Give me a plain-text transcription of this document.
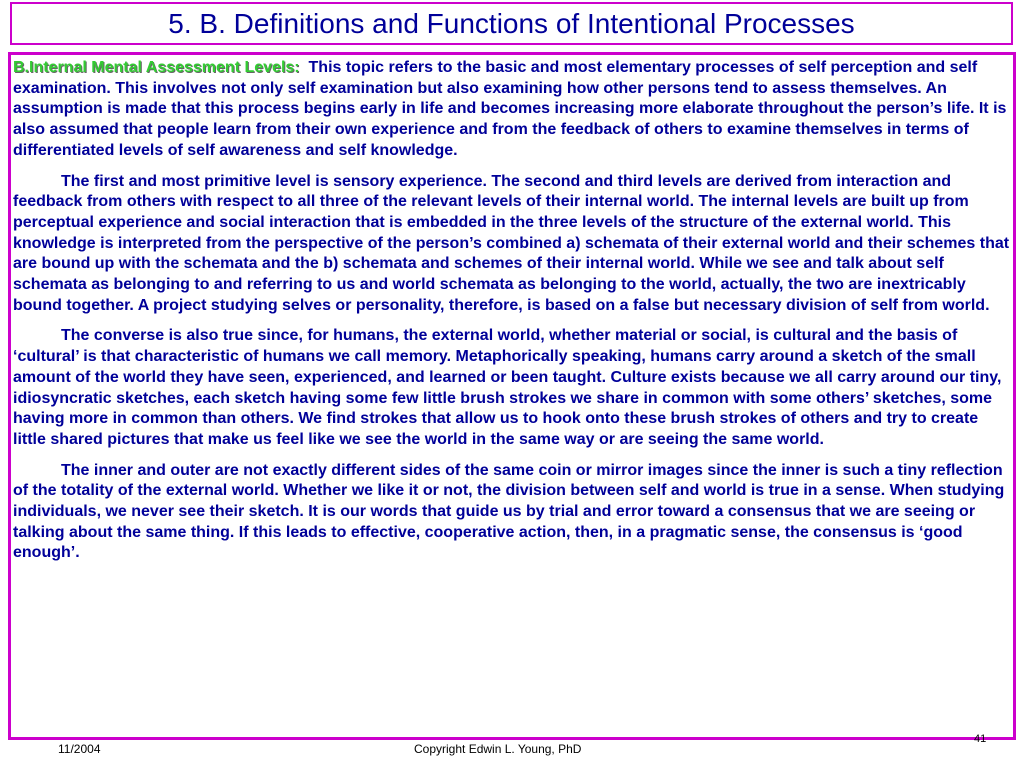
5. B. Definitions and Functions of Intentional Processes

B.Internal Mental Assessment Levels: This topic refers to the basic and most elementary processes of self perception and self examination. This involves not only self examination but also examining how other persons tend to assess themselves. An assumption is made that this process begins early in life and becomes increasing more elaborate throughout the person’s life. It is also assumed that people learn from their own experience and from the feedback of others to examine themselves in terms of differentiated levels of self awareness and self knowledge.

The first and most primitive level is sensory experience. The second and third levels are derived from interaction and feedback from others with respect to all three of the relevant levels of their internal world. The internal levels are built up from perceptual experience and social interaction that is embedded in the three levels of the structure of the external world. This knowledge is interpreted from the perspective of the person’s combined a) schemata of their external world and their schemes that are bound up with the schemata and the b) schemata and schemes of their internal world. While we see and talk about self schemata as belonging to and referring to us and world schemata as belonging to the world, actually, the two are inextricably bound together. A project studying selves or personality, therefore, is based on a false but necessary division of self from world.

The converse is also true since, for humans, the external world, whether material or social, is cultural and the basis of ‘cultural’ is that characteristic of humans we call memory. Metaphorically speaking, humans carry around a sketch of the small amount of the world they have seen, experienced, and learned or been taught. Culture exists because we all carry around our tiny, idiosyncratic sketches, each sketch having some few little brush strokes we share in common with some others’ sketches, some having more in common than others. We find strokes that allow us to hook onto these brush strokes of others and try to create little shared pictures that make us feel like we see the world in the same way or are seeing the same world.

The inner and outer are not exactly different sides of the same coin or mirror images since the inner is such a tiny reflection of the totality of the external world. Whether we like it or not, the division between self and world is true in a sense. When studying individuals, we never see their sketch. It is our words that guide us by trial and error toward a consensus that we are seeing or talking about the same thing. If this leads to effective, cooperative action, then, in a pragmatic sense, the consensus is ‘good enough’.

11/2004	Copyright Edwin L. Young, PhD
41
